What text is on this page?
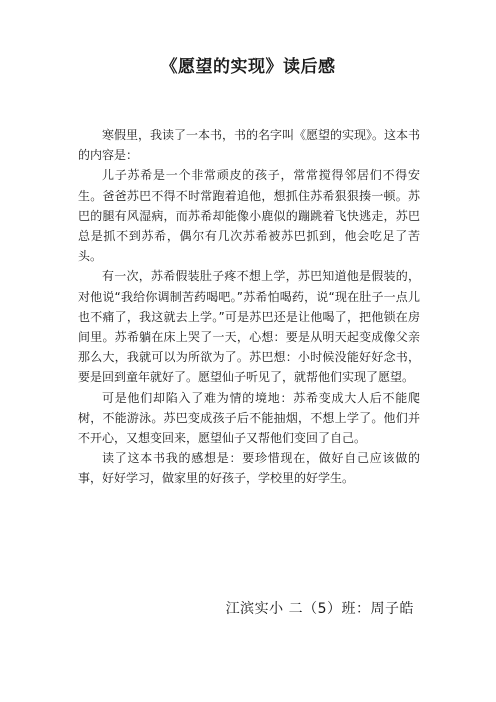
《愿望的实现》读后感

寒假里，我读了一本书，书的名字叫《愿望的实现》。这本书的内容是：

儿子苏希是一个非常顽皮的孩子，常常搅得邻居们不得安生。爸爸苏巴不得不时常跑着追他，想抓住苏希狠狠揍一顿。苏巴的腿有风湿病，而苏希却能像小鹿似的蹦跳着飞快逃走，苏巴总是抓不到苏希，偶尔有几次苏希被苏巴抓到，他会吃足了苦头。

有一次，苏希假装肚子疼不想上学，苏巴知道他是假装的，对他说“我给你调制苦药喝吧。”苏希怕喝药，说“现在肚子一点儿也不痛了，我这就去上学。”可是苏巴还是让他喝了，把他锁在房间里。苏希躺在床上哭了一天，心想：要是从明天起变成像父亲那么大，我就可以为所欲为了。苏巴想：小时候没能好好念书，要是回到童年就好了。愿望仙子听见了，就帮他们实现了愿望。

可是他们却陷入了难为情的境地：苏希变成大人后不能爬树，不能游泳。苏巴变成孩子后不能抽烟，不想上学了。他们并不开心，又想变回来，愿望仙子又帮他们变回了自己。

读了这本书我的感想是：要珍惜现在，做好自己应该做的事，好好学习，做家里的好孩子，学校里的好学生。

江滨实小 二（5）班：周子皓
